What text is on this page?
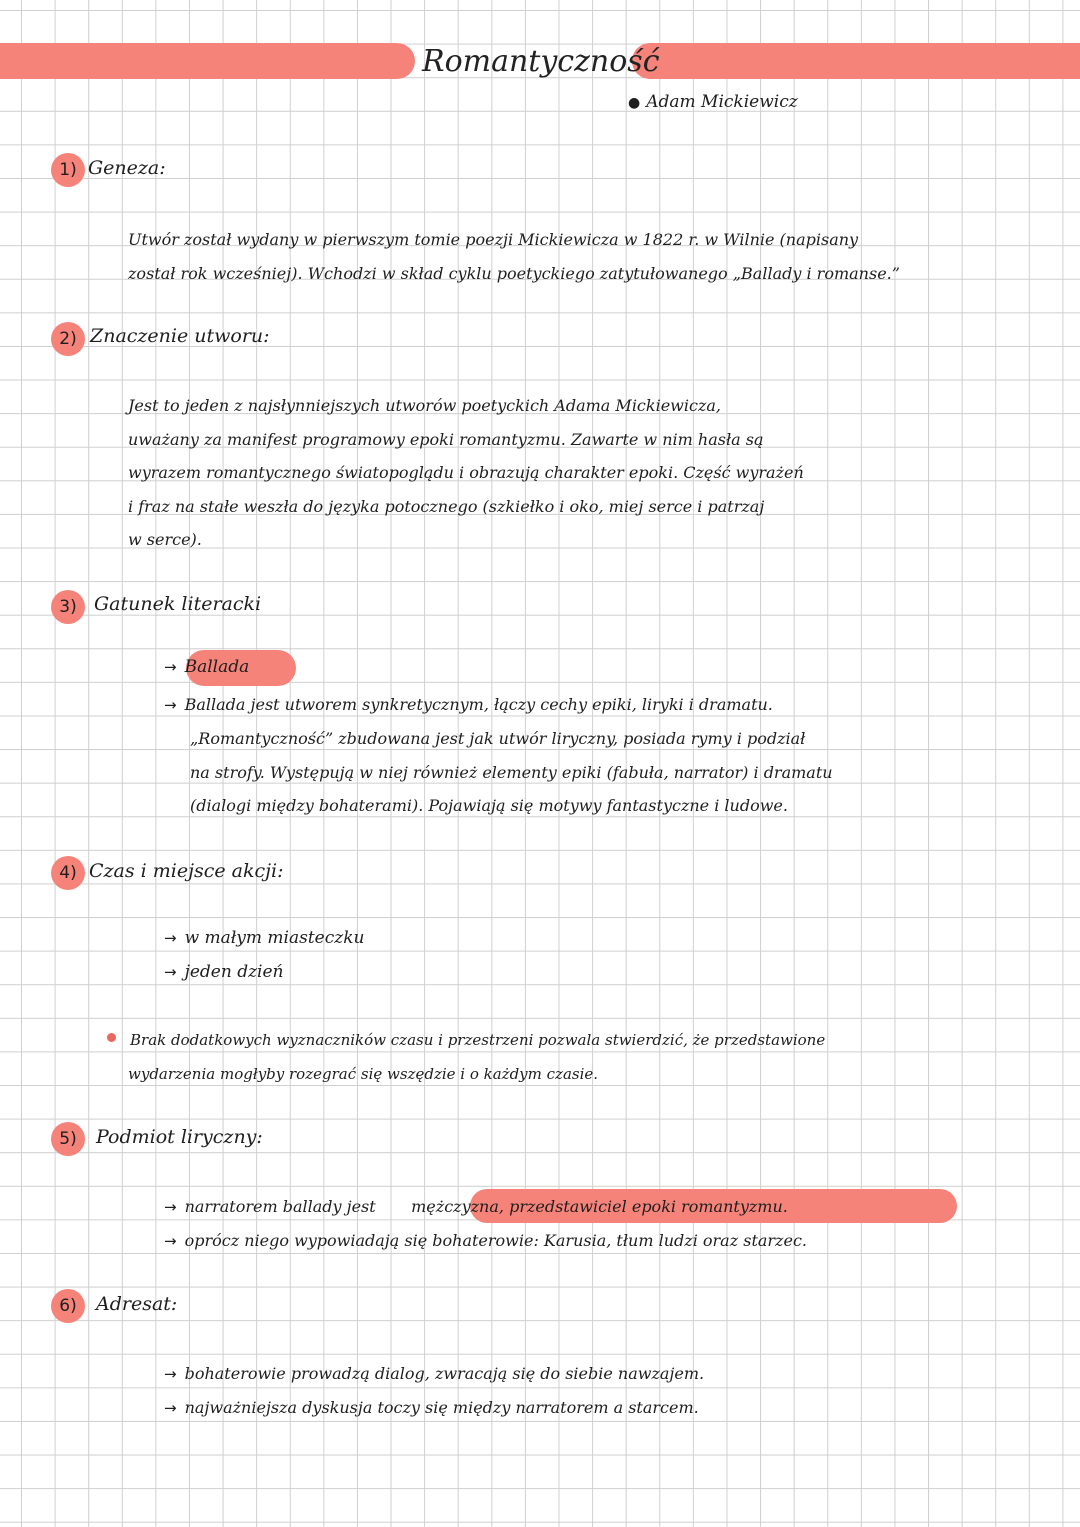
Romantyczność
● Adam Mickiewicz
1) Geneza:

Utwór został wydany w pierwszym tomie poezji Mickiewicza w 1822 r. w Wilnie (napisany

został rok wcześniej). Wchodzi w skład cyklu poetyckiego zatytułowanego „Ballady i romanse.”

2) Znaczenie utworu:

Jest to jeden z najsłynniejszych utworów poetyckich Adama Mickiewicza,

uważany za manifest programowy epoki romantyzmu. Zawarte w nim hasła są

wyrazem romantycznego światopoglądu i obrazują charakter epoki. Część wyrażeń

i fraz na stałe weszła do języka potocznego (szkiełko i oko, miej serce i patrzaj

w serce).

3) Gatunek literacki
→ Ballada
→ Ballada jest utworem synkretycznym, łączy cechy epiki, liryki i dramatu.

„Romantyczność” zbudowana jest jak utwór liryczny, posiada rymy i podział

na strofy. Występują w niej również elementy epiki (fabuła, narrator) i dramatu

(dialogi między bohaterami). Pojawiają się motywy fantastyczne i ludowe.

4) Czas i miejsce akcji:
→ w małym miasteczku
→ jeden dzień

Brak dodatkowych wyznaczników czasu i przestrzeni pozwala stwierdzić, że przedstawione

wydarzenia mogłyby rozegrać się wszędzie i o każdym czasie.

5)	Podmiot liryczny:
→ narratorem ballady jest mężczyzna, przedstawiciel epoki romantyzmu.
→ oprócz niego wypowiadają się bohaterowie: Karusia, tłum ludzi oraz starzec.
6)	Adresat:
→ bohaterowie prowadzą dialog, zwracają się do siebie nawzajem.
→ najważniejsza dyskusja toczy się między narratorem a starcem.
